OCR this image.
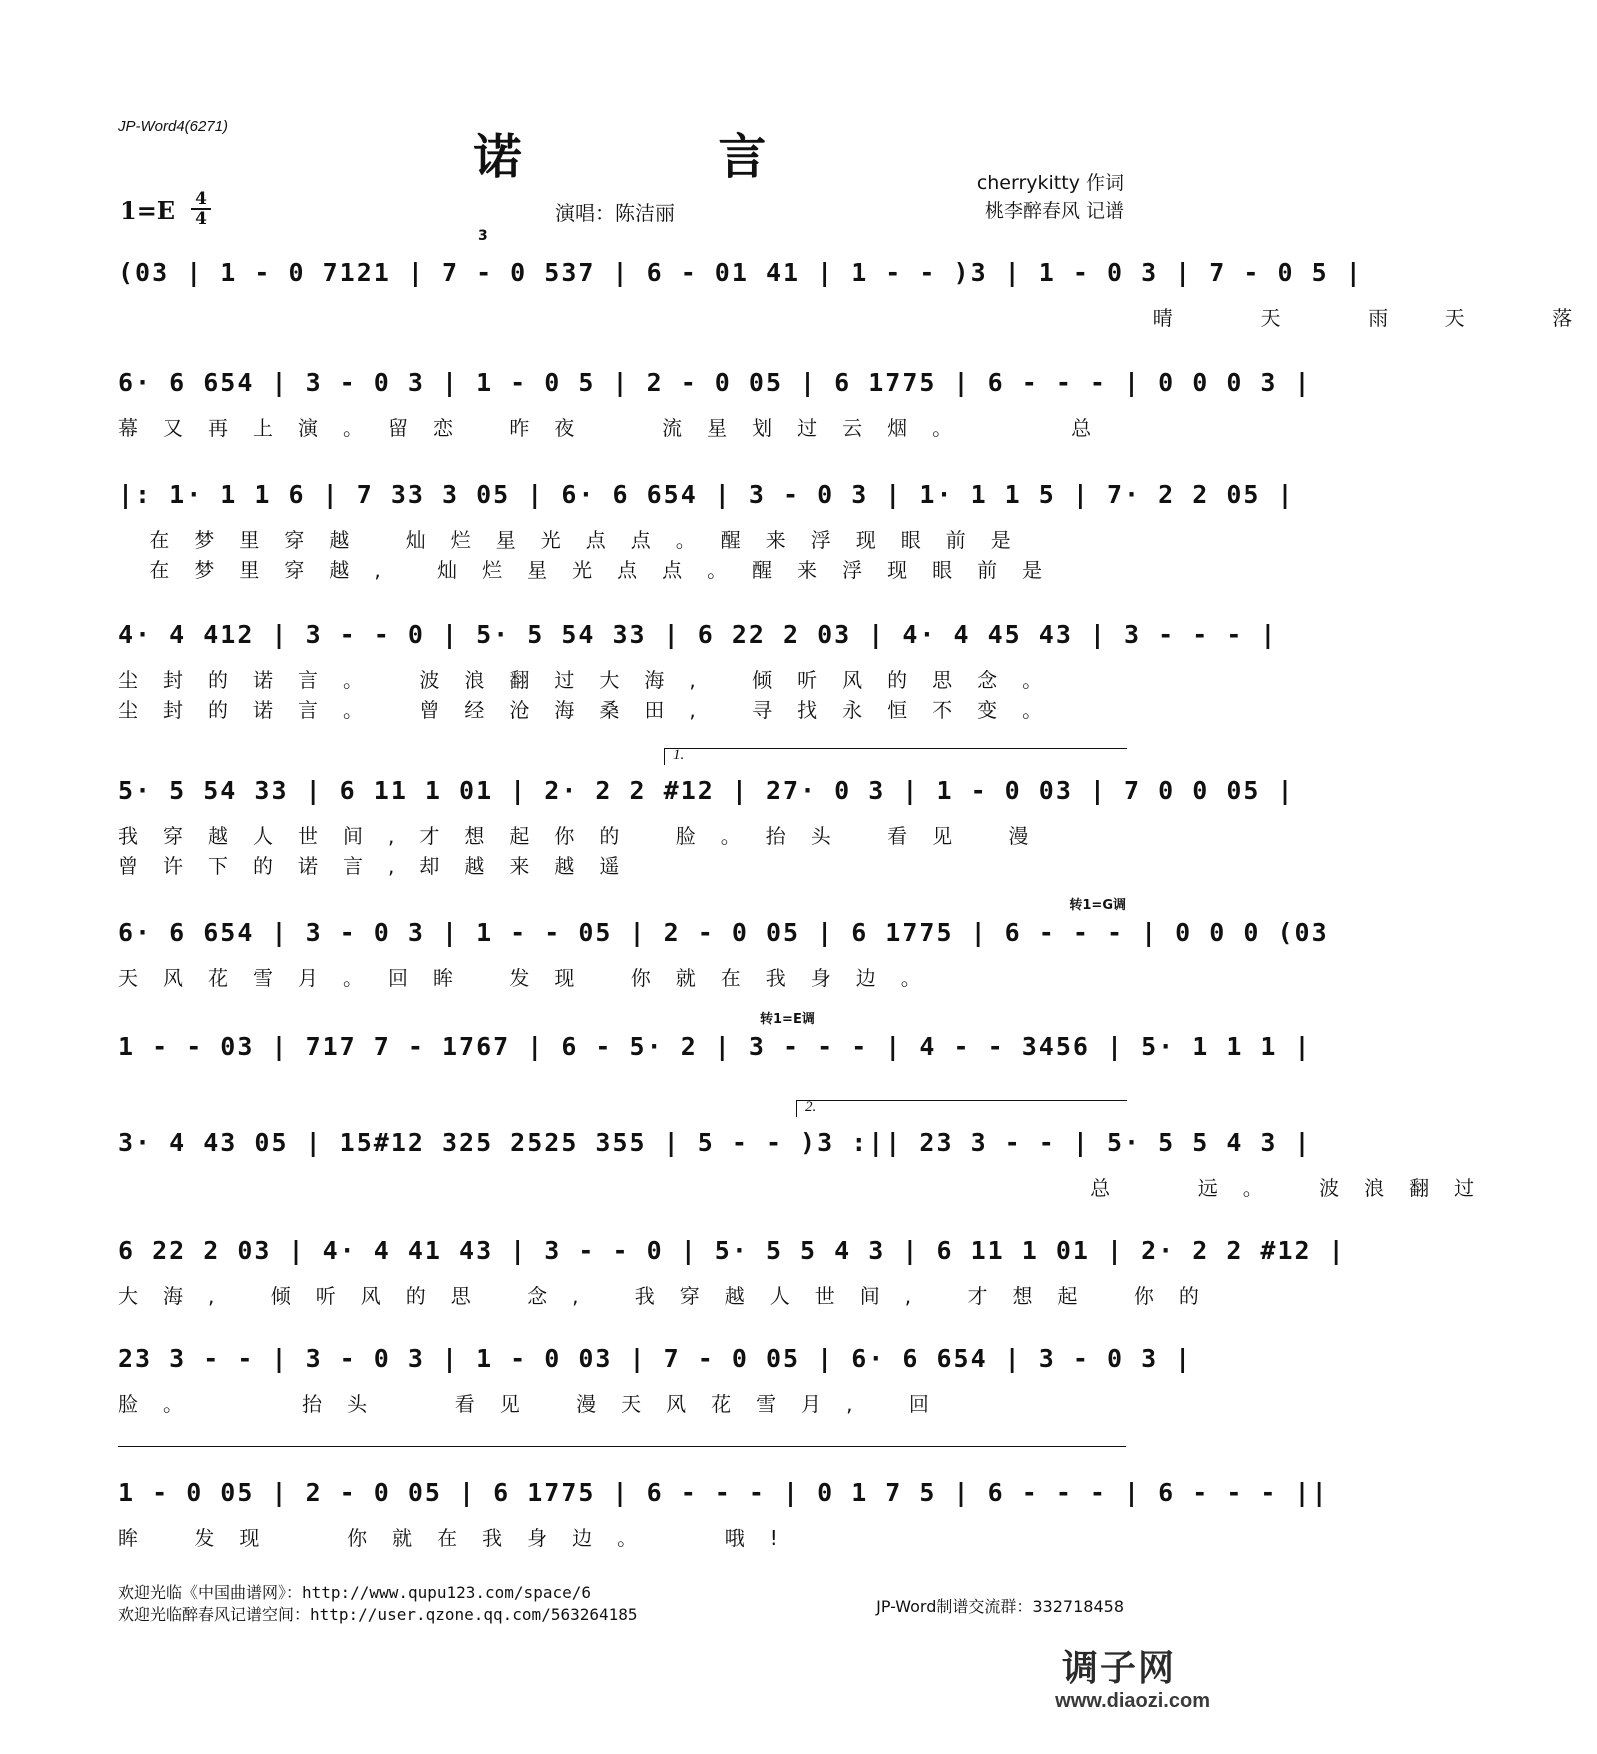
JP-Word4(6271)
诺 言
$1=E \frac{4}{4}$	演唱：陈洁丽
cherrykitty 作词
桃李醉春风 记谱
(03 | 1 - 0 7121 | 7 - 0 537 | 6 - 01 41 | 1 - - )3 | 1 - 0 3 | 7 - 0 5 |
3
晴  天  雨 天  落
6· 6 654 | 3 - 0 3 | 1 - 0 5 | 2 - 0 05 | 6 1775 | 6 - - - | 0 0 0 3 |
幕又再上演。留恋 昨夜  流星划过云烟。   总
|: 1· 1 1 6 | 7 33 3 05 | 6· 6 654 | 3 - 0 3 | 1· 1 1 5 | 7· 2 2 05 |
在梦里穿越 灿烂星光点点。醒来浮现眼前是
在梦里穿越, 灿烂星光点点。醒来浮现眼前是
4· 4 412 | 3 - - 0 | 5· 5 54 33 | 6 22 2 03 | 4· 4 45 43 | 3 - - - |
尘封的诺言。 波浪翻过大海, 倾听风的思念。
尘封的诺言。 曾经沧海桑田, 寻找永恒不变。
1.
5· 5 54 33 | 6 11 1 01 | 2· 2 2 #12 | 27· 0 3 | 1 - 0 03 | 7 0 0 05 |
我穿越人世间,才想起你的 脸。抬头 看见 漫
曾许下的诺言,却越来越遥
转1=G调
6· 6 654 | 3 - 0 3 | 1 - - 05 | 2 - 0 05 | 6 1775 | 6 - - - | 0 0 0 (03
天风花雪月。回眸 发现 你就在我身边。
转1=E调
1 - - 03 | 717 7 - 1767 | 6 - 5· 2 | 3 - - - | 4 - - 3456 | 5· 1 1 1 |
2.
3· 4 43 05 | 15#12 325 2525 355 | 5 - - )3 :|| 23 3 - - | 5· 5 5 4 3 |
总  远。 波浪翻过
6 22 2 03 | 4· 4 41 43 | 3 - - 0 | 5· 5 5 4 3 | 6 11 1 01 | 2· 2 2 #12 |
大海, 倾听风的思 念, 我穿越人世间, 才想起 你的
23 3 - - | 3 - 0 3 | 1 - 0 03 | 7 - 0 05 | 6· 6 654 | 3 - 0 3 |
脸。   抬头  看见 漫天风花雪月, 回
1 - 0 05 | 2 - 0 05 | 6 1775 | 6 - - - | 0 1 7 5 | 6 - - - | 6 - - - ||
眸 发现  你就在我身边。  哦!
欢迎光临《中国曲谱网》：http://www.qupu123.com/space/6
欢迎光临醉春风记谱空间：http://user.qzone.qq.com/563264185	JP-Word制谱交流群：332718458
调子网
www.diaozi.com
